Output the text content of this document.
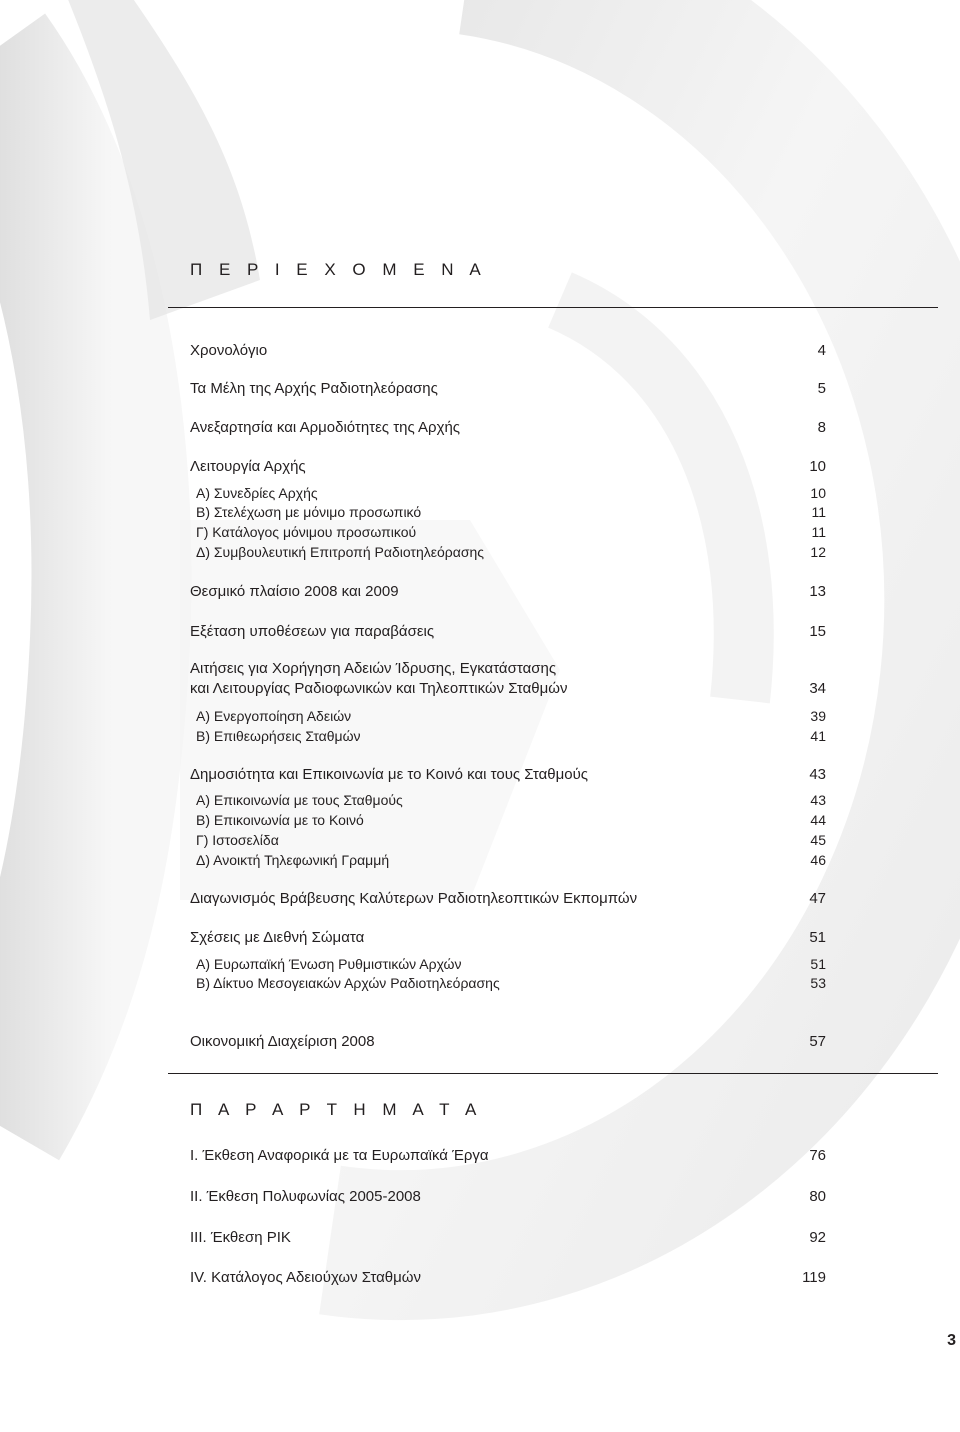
Π Ε Ρ Ι Ε Χ Ο Μ Ε Ν Α
Χρονολόγιο	4
Τα Μέλη της Αρχής Ραδιοτηλεόρασης	5
Ανεξαρτησία και Αρμοδιότητες της Αρχής	8
Λειτουργία Αρχής	10
Α) Συνεδρίες Αρχής	10
Β) Στελέχωση με μόνιμο προσωπικό	11
Γ) Κατάλογος μόνιμου προσωπικού	11
Δ) Συμβουλευτική Επιτροπή Ραδιοτηλεόρασης	12
Θεσμικό πλαίσιο 2008 και 2009	13
Εξέταση υποθέσεων για παραβάσεις	15
Αιτήσεις για Χορήγηση Αδειών Ίδρυσης, Εγκατάστασης
και Λειτουργίας Ραδιοφωνικών και Τηλεοπτικών Σταθμών	34
Α) Ενεργοποίηση Αδειών	39
Β) Επιθεωρήσεις Σταθμών	41
Δημοσιότητα και Επικοινωνία με το Κοινό και τους Σταθμούς	43
Α) Επικοινωνία με τους Σταθμούς	43
Β) Επικοινωνία με το Κοινό	44
Γ) Ιστοσελίδα	45
Δ) Ανοικτή Τηλεφωνική Γραμμή	46
Διαγωνισμός Βράβευσης Καλύτερων Ραδιοτηλεοπτικών Εκπομπών	47
Σχέσεις με Διεθνή Σώματα	51
Α) Ευρωπαϊκή Ένωση Ρυθμιστικών Αρχών	51
Β) Δίκτυο Μεσογειακών Αρχών Ραδιοτηλεόρασης	53
Οικονομική Διαχείριση 2008	57
Π Α Ρ Α Ρ Τ Η Μ Α Τ Α
I. Έκθεση Αναφορικά με τα Ευρωπαϊκά Έργα	76
II. Έκθεση Πολυφωνίας 2005-2008	80
III. Έκθεση ΡΙΚ	92
IV. Κατάλογος Αδειούχων Σταθμών	119
3
